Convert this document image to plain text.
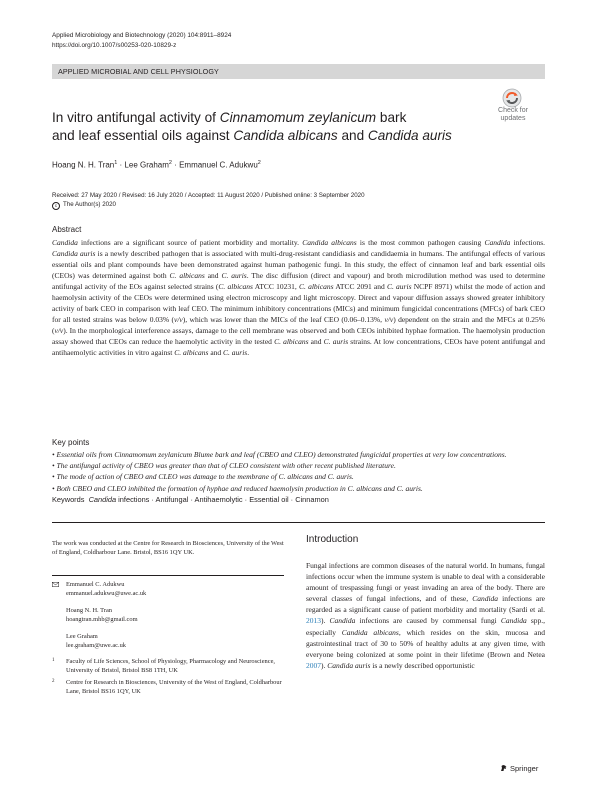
Applied Microbiology and Biotechnology (2020) 104:8911–8924
https://doi.org/10.1007/s00253-020-10829-z
APPLIED MICROBIAL AND CELL PHYSIOLOGY
Check for
updates
In vitro antifungal activity of Cinnamomum zeylanicum bark
and leaf essential oils against Candida albicans and Candida auris
Hoang N. H. Tran$^1$ · Lee Graham$^2$ · Emmanuel C. Adukwu$^2$
Received: 27 May 2020 / Revised: 16 July 2020 / Accepted: 11 August 2020 / Published online: 3 September 2020
c The Author(s) 2020
Abstract
Candida infections are a significant source of patient morbidity and mortality. Candida albicans is the most common pathogen causing Candida infections. Candida auris is a newly described pathogen that is associated with multi-drug-resistant candidiasis and candidaemia in humans. The antifungal effects of various essential oils and plant compounds have been demonstrated against human pathogenic fungi. In this study, the effect of cinnamon leaf and bark essential oils (CEOs) was determined against both C. albicans and C. auris. The disc diffusion (direct and vapour) and broth microdilution method was used to determine antifungal activity of the EOs against selected strains (C. albicans ATCC 10231, C. albicans ATCC 2091 and C. auris NCPF 8971) whilst the mode of action and haemolysin activity of the CEOs were determined using electron microscopy and light microscopy. Direct and vapour diffusion assays showed greater inhibitory activity of bark CEO in comparison with leaf CEO. The minimum inhibitory concentrations (MICs) and minimum fungicidal concentrations (MFCs) of bark CEO for all tested strains was below 0.03% (v/v), which was lower than the MICs of the leaf CEO (0.06–0.13%, v/v) dependent on the strain and the MFCs at 0.25% (v/v). In the morphological interference assays, damage to the cell membrane was observed and both CEOs inhibited hyphae formation. The haemolysin production assay showed that CEOs can reduce the haemolytic activity in the tested C. albicans and C. auris strains. At low concentrations, CEOs have potent antifungal and antihaemolytic activities in vitro against C. albicans and C. auris.
Key points
• Essential oils from Cinnamomum zeylanicum Blume bark and leaf (CBEO and CLEO) demonstrated fungicidal properties at very low concentrations.
• The antifungal activity of CBEO was greater than that of CLEO consistent with other recent published literature.
• The mode of action of CBEO and CLEO was damage to the membrane of C. albicans and C. auris.
• Both CBEO and CLEO inhibited the formation of hyphae and reduced haemolysin production in C. albicans and C. auris.
Keywords Candida infections · Antifungal · Antihaemolytic · Essential oil · Cinnamon
The work was conducted at the Centre for Research in Biosciences, University of the West of England, Coldharbour Lane. Bristol, BS16 1QY UK.
Emmanuel C. Adukwu
emmanuel.adukwu@uwe.ac.uk
Hoang N. H. Tran
hoangtran.mhb@gmail.com
Lee Graham
lee.graham@uwe.ac.uk
1 Faculty of Life Sciences, School of Physiology, Pharmacology and Neuroscience, University of Bristol, Bristol BS8 1TH, UK
2 Centre for Research in Biosciences, University of the West of England, Coldharbour Lane, Bristol BS16 1QY, UK
Introduction
Fungal infections are common diseases of the natural world. In humans, fungal infections occur when the immune system is unable to deal with a considerable amount of trespassing fungi or yeast invading an area of the body. There are several classes of fungal infections, and of these, Candida infections are regarded as a significant cause of patient morbidity and mortality (Sardi et al. 2013). Candida infections are caused by commensal fungi Candida spp., especially Candida albicans, which resides on the skin, mucosa and gastrointestinal tract of 30 to 50% of healthy adults at any given time, with everyone being colonized at some point in their lifetime (Brown and Netea 2007). Candida auris is a newly described opportunistic
Springer
